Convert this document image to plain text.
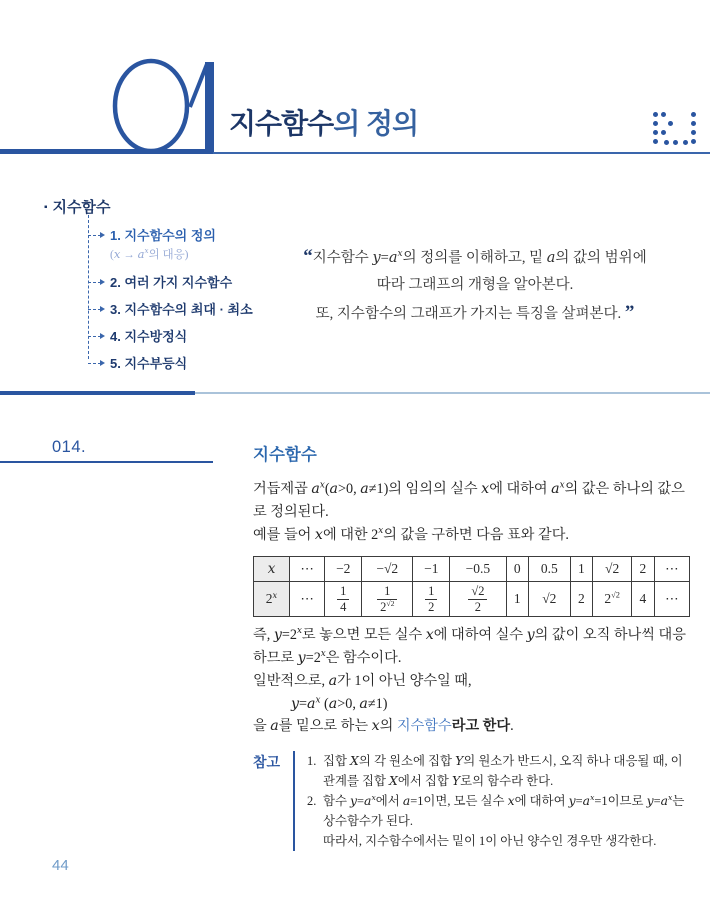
지수함수의 정의
▪ 지수함수
1. 지수함수의 정의
($x \to a^x$의 대응)
2. 여러 가지 지수함수
3. 지수함수의 최대 · 최소
4. 지수방정식
5. 지수부등식
“지수함수 $y=a^x$의 정의를 이해하고, 밑 a의 값의 범위에
따라 그래프의 개형을 알아본다.
또, 지수함수의 그래프가 가지는 특징을 살펴본다. ”
014.	지수함수
거듭제곱 $a^x(a>0$, a≠1)의 임의의 실수 x에 대하여 $a^x$의 값은 하나의 값으로 정의된다.
예를 들어 x에 대한 2$^x$의 값을 구하면 다음 표와 같다.
x	⋯	−2	−√2	−1	−0.5	0	0.5	1	√2	2	⋯
2$^x$	⋯	$\frac{1}{4}$	$\frac{1}{2^{√2}}$	$\frac{1}{2}$	$\frac{√2}{2}$	1	√2	2	$2^{√2}$	4	⋯
즉, $y=2^x$로 놓으면 모든 실수 x에 대하여 실수 y의 값이 오직 하나씩 대응하므로 $y=2^x$은 함수이다.
일반적으로, a가 1이 아닌 양수일 때,
$y=a^x$ (a>0, a≠1)
을 a를 밑으로 하는 x의 지수함수라고 한다.
참고	1. 집합 X의 각 원소에 집합 Y의 원소가 반드시, 오직 하나 대응될 때, 이 관계를 집합 X에서 집합 Y로의 함수라 한다.
2. 함수 $y=a^x$에서 a=1이면, 모든 실수 x에 대하여 $y=a^x=1$이므로 $y=a^x$는 상수함수가 된다.
따라서, 지수함수에서는 밑이 1이 아닌 양수인 경우만 생각한다.
44
